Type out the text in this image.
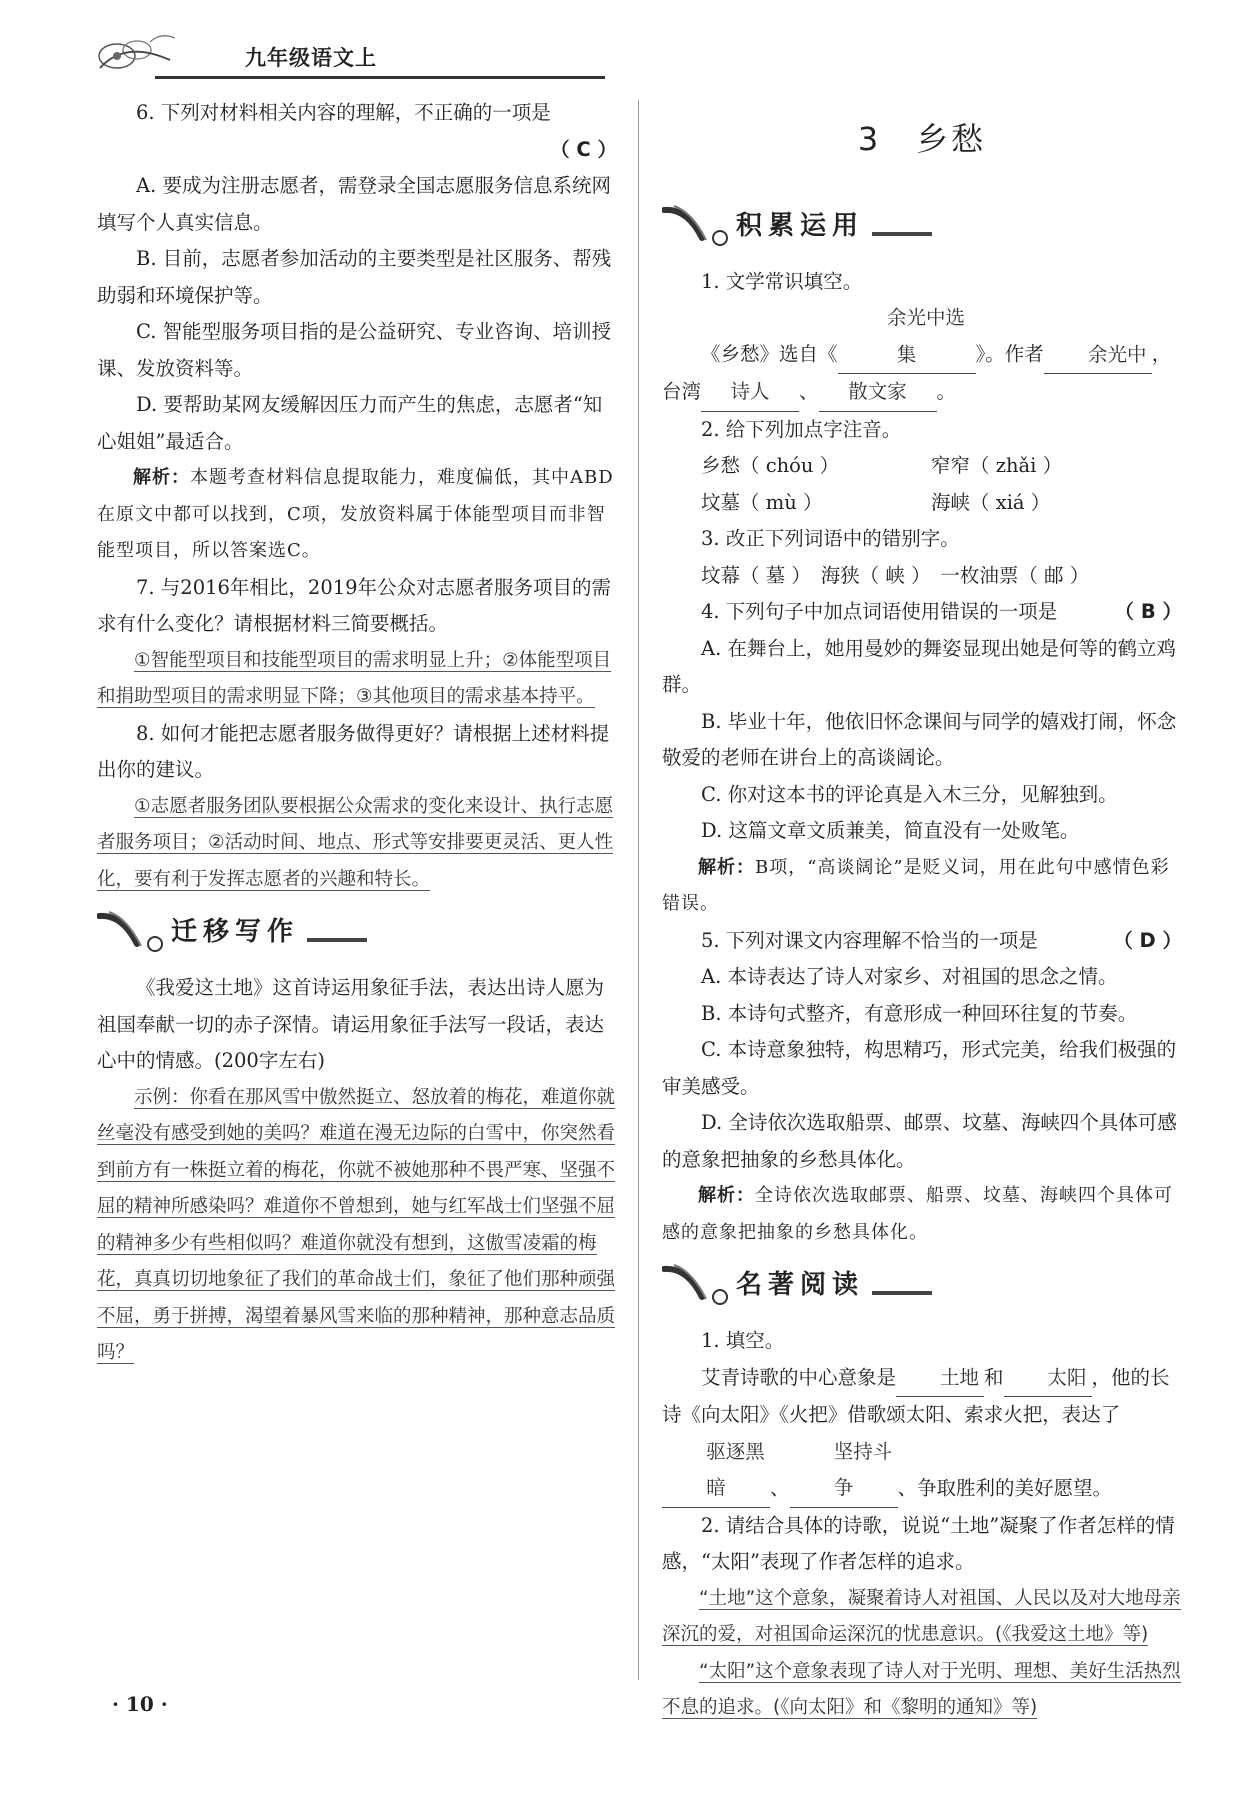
九年级语文上

6. 下列对材料相关内容的理解，不正确的一项是

（ C ）

A. 要成为注册志愿者，需登录全国志愿服务信息系统网填写个人真实信息。

B. 目前，志愿者参加活动的主要类型是社区服务、帮残助弱和环境保护等。

C. 智能型服务项目指的是公益研究、专业咨询、培训授课、发放资料等。

D. 要帮助某网友缓解因压力而产生的焦虑，志愿者“知心姐姐”最适合。

解析：本题考查材料信息提取能力，难度偏低，其中ABD在原文中都可以找到，C项，发放资料属于体能型项目而非智能型项目，所以答案选C。

7. 与2016年相比，2019年公众对志愿者服务项目的需求有什么变化？请根据材料三简要概括。

①智能型项目和技能型项目的需求明显上升；②体能型项目和捐助型项目的需求明显下降；③其他项目的需求基本持平。

8. 如何才能把志愿者服务做得更好？请根据上述材料提出你的建议。

①志愿者服务团队要根据公众需求的变化来设计、执行志愿者服务项目；②活动时间、地点、形式等安排要更灵活、更人性化，要有利于发挥志愿者的兴趣和特长。

迁移写作

《我爱这土地》这首诗运用象征手法，表达出诗人愿为祖国奉献一切的赤子深情。请运用象征手法写一段话，表达心中的情感。(200字左右)

示例：你看在那风雪中傲然挺立、怒放着的梅花，难道你就丝毫没有感受到她的美吗？难道在漫无边际的白雪中，你突然看到前方有一株挺立着的梅花，你就不被她那种不畏严寒、坚强不屈的精神所感染吗？难道你不曾想到，她与红军战士们坚强不屈的精神多少有些相似吗？难道你就没有想到，这傲雪凌霜的梅花，真真切切地象征了我们的革命战士们，象征了他们那种顽强不屈，勇于拼搏，渴望着暴风雪来临的那种精神，那种意志品质吗？

3　乡愁
积累运用

1. 文学常识填空。

《乡愁》选自《余光中选集	》。作者 余光中 ，

台湾 诗人 、 散文家 。

2. 给下列加点字注音。

乡愁（ chóu ）	窄窄（ zhǎi ）

坟墓（ mù ）	海峡（ xiá ）

3. 改正下列词语中的错别字。

坟幕（ 墓 ）　 海狭（ 峡 ）　 一枚油票（ 邮 ）

4. 下列句子中加点词语使用错误的一项是	（ B ）

A. 在舞台上，她用曼妙的舞姿显现出她是何等的鹤立鸡群。

B. 毕业十年，他依旧怀念课间与同学的嬉戏打闹，怀念敬爱的老师在讲台上的高谈阔论。

C. 你对这本书的评论真是入木三分，见解独到。

D. 这篇文章文质兼美，简直没有一处败笔。

解析：B项，“高谈阔论”是贬义词，用在此句中感情色彩错误。

5. 下列对课文内容理解不恰当的一项是	（ D ）

A. 本诗表达了诗人对家乡、对祖国的思念之情。

B. 本诗句式整齐，有意形成一种回环往复的节奏。

C. 本诗意象独特，构思精巧，形式完美，给我们极强的审美感受。

D. 全诗依次选取船票、邮票、坟墓、海峡四个具体可感的意象把抽象的乡愁具体化。

解析：全诗依次选取邮票、船票、坟墓、海峡四个具体可感的意象把抽象的乡愁具体化。

名著阅读

1. 填空。

艾青诗歌的中心意象是 土地 和 太阳 ，他的长诗《向太阳》《火把》借歌颂太阳、索求火把，表达了驱逐黑暗 、坚持斗争 、争取胜利的美好愿望。

2. 请结合具体的诗歌，说说“土地”凝聚了作者怎样的情感，“太阳”表现了作者怎样的追求。

“土地”这个意象，凝聚着诗人对祖国、人民以及对大地母亲深沉的爱，对祖国命运深沉的忧患意识。(《我爱这土地》等)

“太阳”这个意象表现了诗人对于光明、理想、美好生活热烈不息的追求。(《向太阳》和《黎明的通知》等)

· 10 ·
